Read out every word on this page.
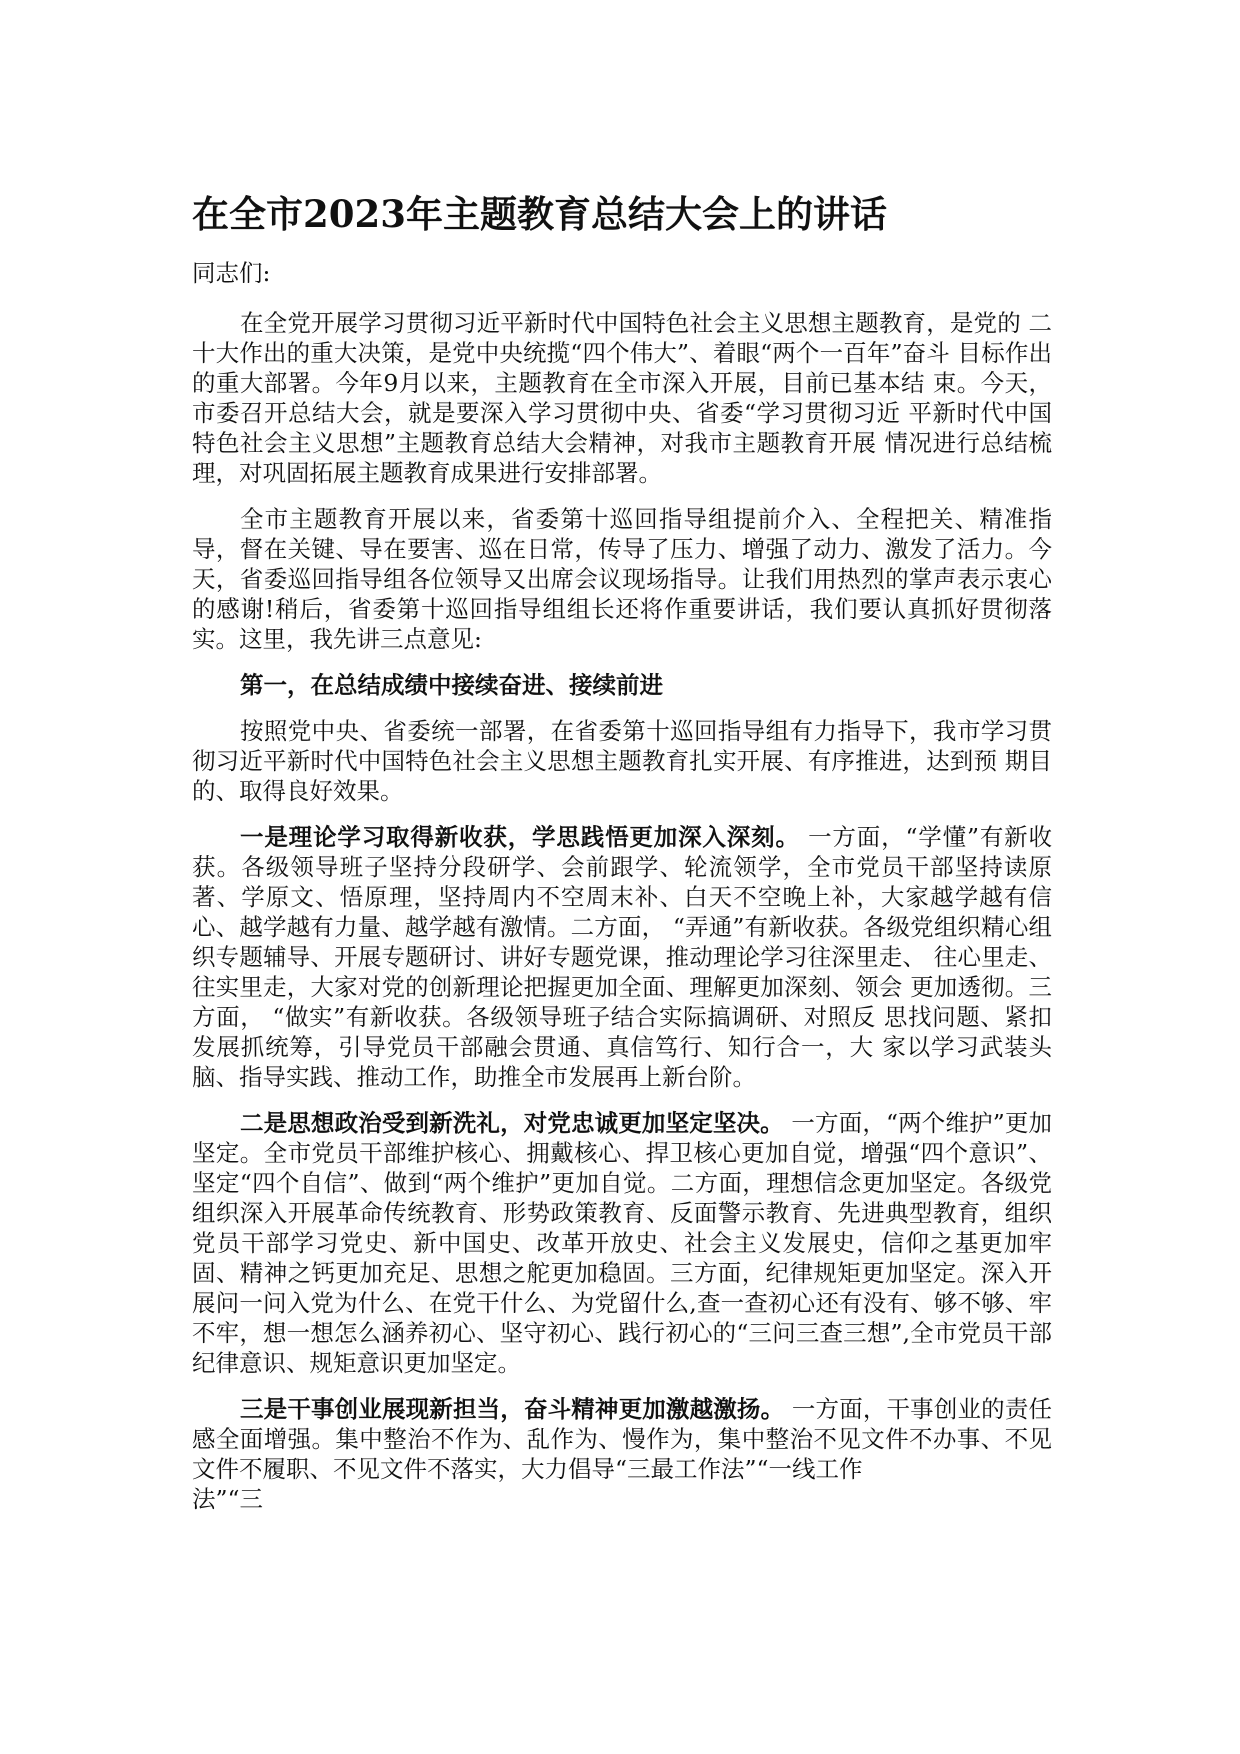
在全市2023年主题教育总结大会上的讲话

同志们:

在全党开展学习贯彻习近平新时代中国特色社会主义思想主题教育，是党的 二十大作出的重大决策，是党中央统揽“四个伟大”、着眼“两个一百年”奋斗 目标作出的重大部署。今年9月以来，主题教育在全市深入开展，目前已基本结 束。今天，市委召开总结大会，就是要深入学习贯彻中央、省委“学习贯彻习近 平新时代中国特色社会主义思想”主题教育总结大会精神，对我市主题教育开展 情况进行总结梳理，对巩固拓展主题教育成果进行安排部署。

全市主题教育开展以来，省委第十巡回指导组提前介入、全程把关、精准指导，督在关键、导在要害、巡在日常，传导了压力、增强了动力、激发了活力。今天，省委巡回指导组各位领导又出席会议现场指导。让我们用热烈的掌声表示衷心的感谢!稍后，省委第十巡回指导组组长还将作重要讲话，我们要认真抓好贯彻落实。这里，我先讲三点意见:

第一，在总结成绩中接续奋进、接续前进

按照党中央、省委统一部署，在省委第十巡回指导组有力指导下，我市学习贯彻习近平新时代中国特色社会主义思想主题教育扎实开展、有序推进，达到预 期目的、取得良好效果。

一是理论学习取得新收获，学思践悟更加深入深刻。 一方面，“学懂”有新收获。各级领导班子坚持分段研学、会前跟学、轮流领学，全市党员干部坚持读原著、学原文、悟原理，坚持周内不空周末补、白天不空晚上补，大家越学越有信心、越学越有力量、越学越有激情。二方面， “弄通”有新收获。各级党组织精心组织专题辅导、开展专题研讨、讲好专题党课，推动理论学习往深里走、 往心里走、往实里走，大家对党的创新理论把握更加全面、理解更加深刻、领会 更加透彻。三方面， “做实”有新收获。各级领导班子结合实际搞调研、对照反 思找问题、紧扣发展抓统筹，引导党员干部融会贯通、真信笃行、知行合一，大 家以学习武装头脑、指导实践、推动工作，助推全市发展再上新台阶。

二是思想政治受到新洗礼，对党忠诚更加坚定坚决。 一方面，“两个维护”更加坚定。全市党员干部维护核心、拥戴核心、捍卫核心更加自觉，增强“四个意识”、坚定“四个自信”、做到“两个维护”更加自觉。二方面，理想信念更加坚定。各级党组织深入开展革命传统教育、形势政策教育、反面警示教育、先进典型教育，组织党员干部学习党史、新中国史、改革开放史、社会主义发展史，信仰之基更加牢固、精神之钙更加充足、思想之舵更加稳固。三方面，纪律规矩更加坚定。深入开展问一问入党为什么、在党干什么、为党留什么,查一查初心还有没有、够不够、牢不牢，想一想怎么涵养初心、坚守初心、践行初心的“三问三查三想”,全市党员干部纪律意识、规矩意识更加坚定。

三是干事创业展现新担当，奋斗精神更加激越激扬。 一方面，干事创业的责任感全面增强。集中整治不作为、乱作为、慢作为，集中整治不见文件不办事、不见文件不履职、不见文件不落实，大力倡导“三最工作法”“一线工作

法”“三
